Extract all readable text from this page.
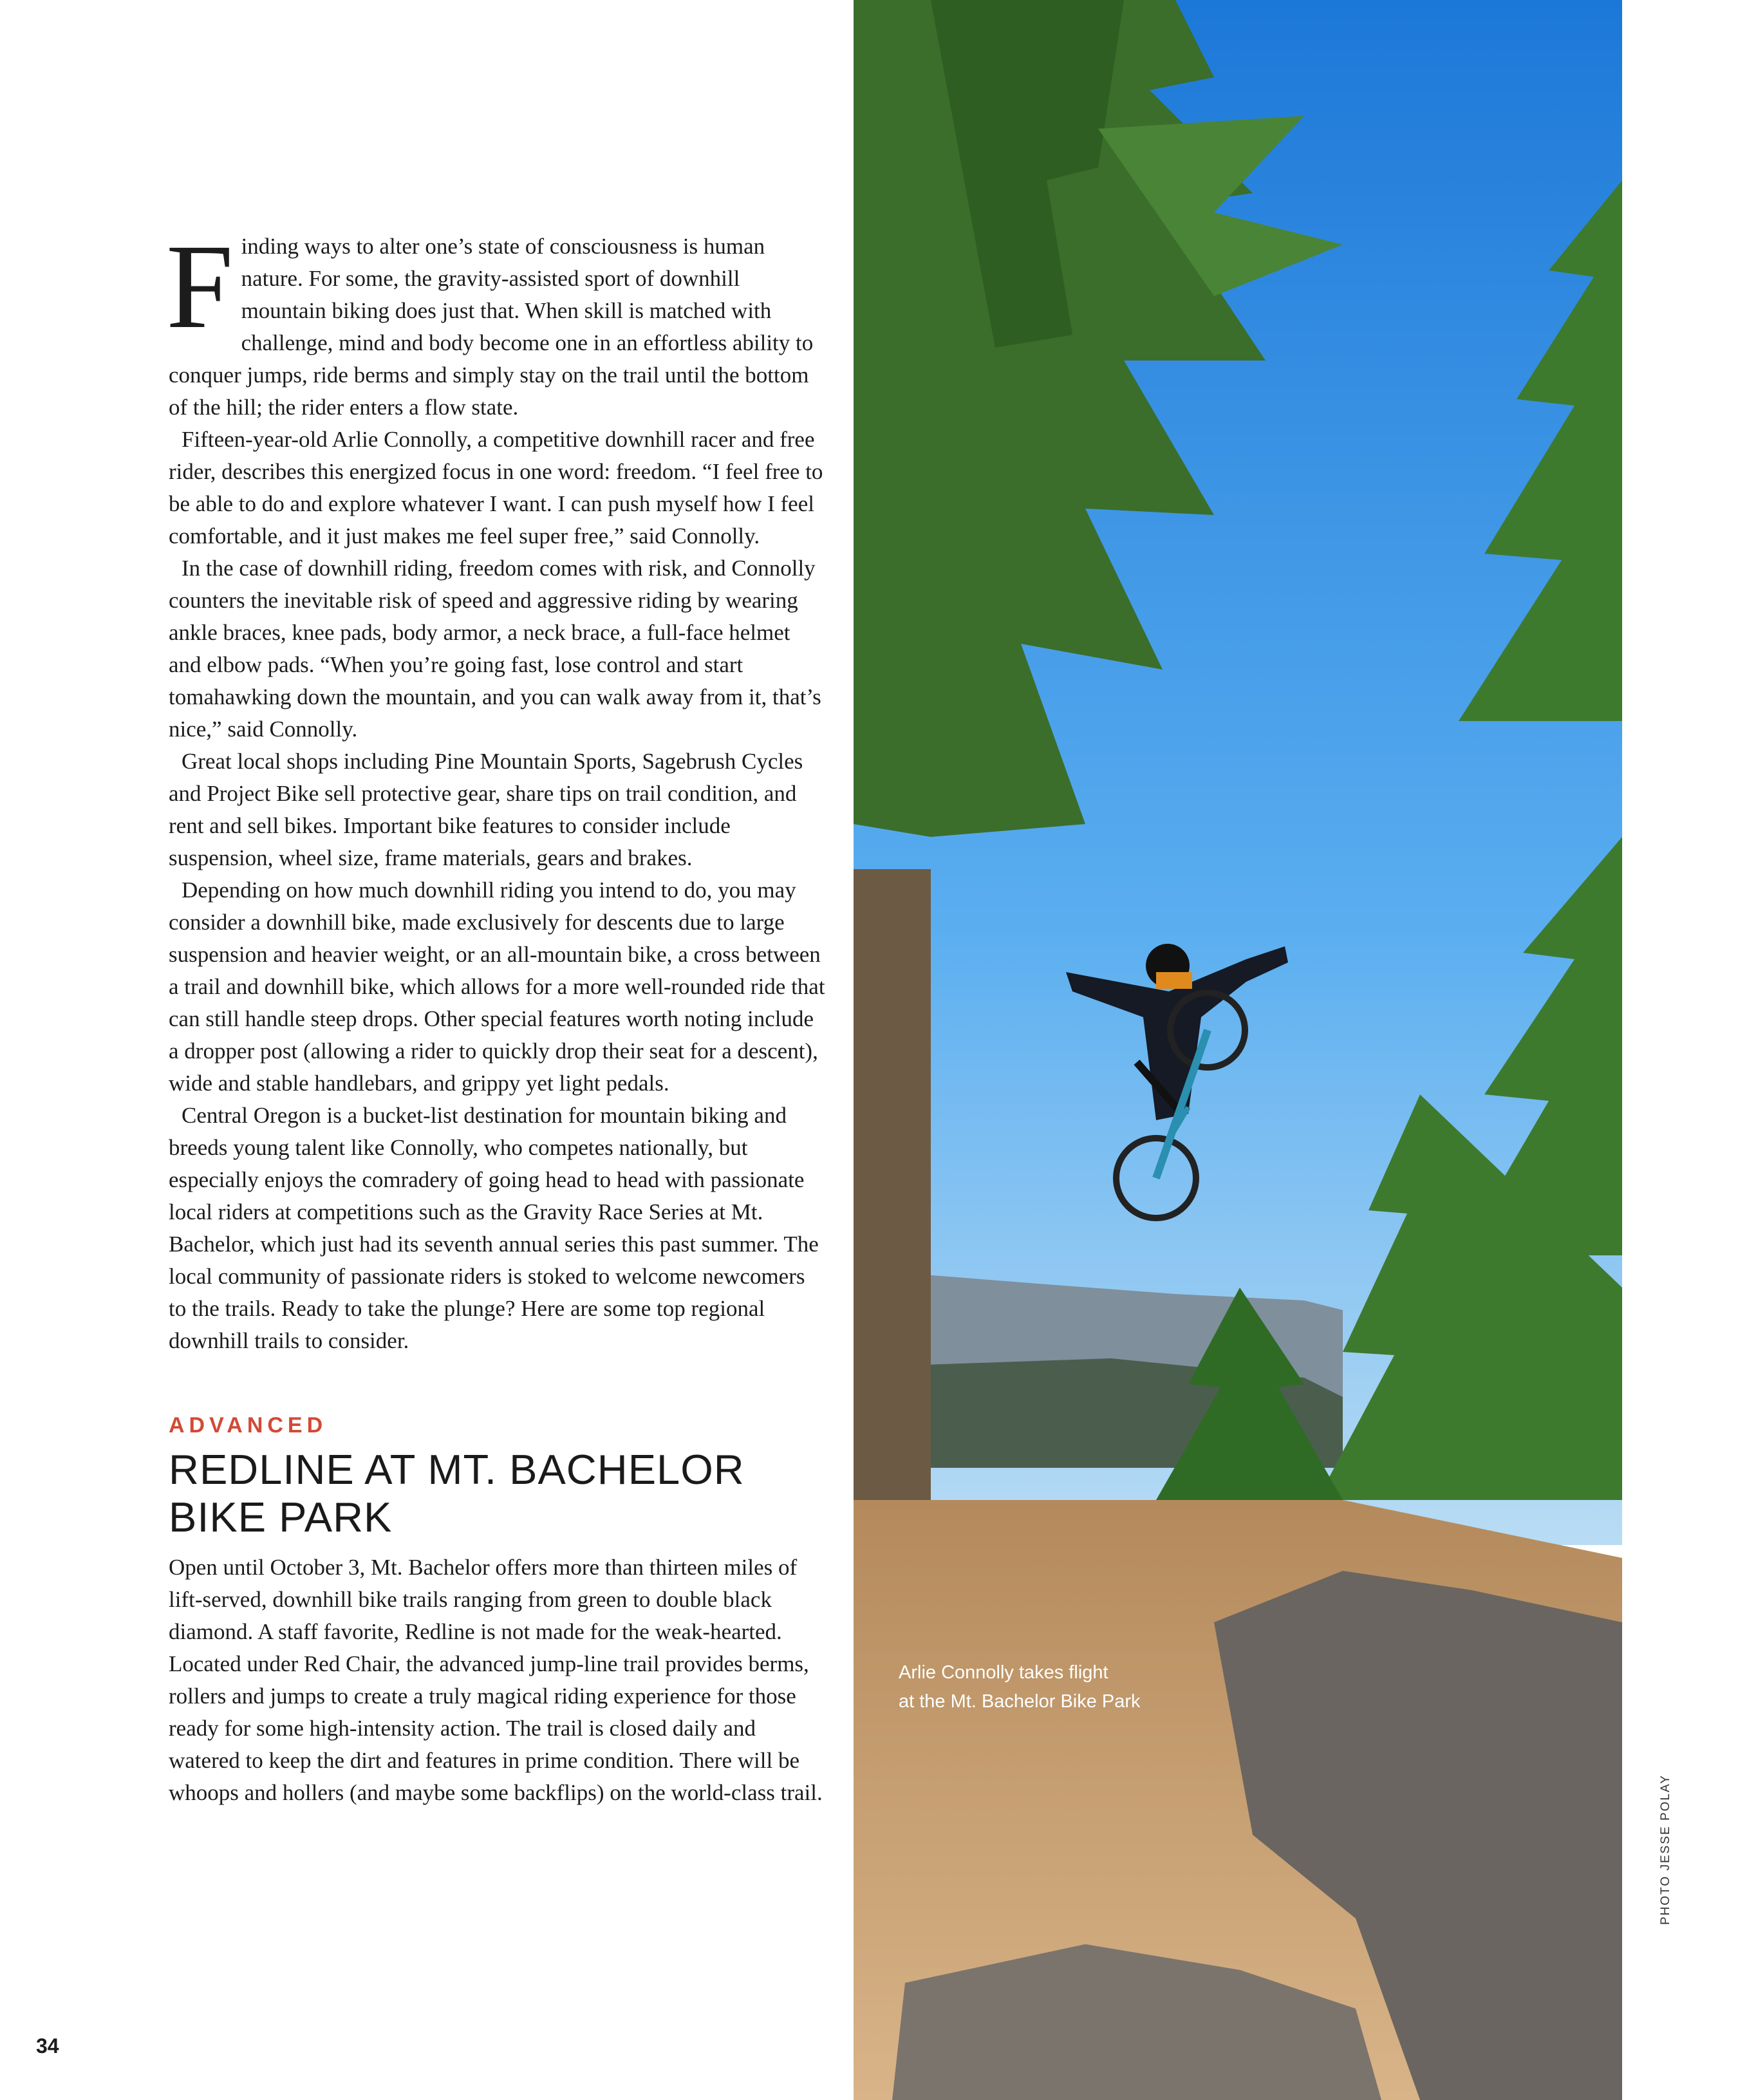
Finding ways to alter one’s state of consciousness is human nature. For some, the gravity-assisted sport of downhill mountain biking does just that. When skill is matched with challenge, mind and body become one in an effortless ability to conquer jumps, ride berms and simply stay on the trail until the bottom of the hill; the rider enters a flow state.

Fifteen-year-old Arlie Connolly, a competitive downhill racer and free rider, describes this energized focus in one word: freedom. “I feel free to be able to do and explore whatever I want. I can push myself how I feel comfortable, and it just makes me feel super free,” said Connolly.

In the case of downhill riding, freedom comes with risk, and Connolly counters the inevitable risk of speed and aggressive riding by wearing ankle braces, knee pads, body armor, a neck brace, a full-face helmet and elbow pads. “When you’re going fast, lose control and start tomahawking down the mountain, and you can walk away from it, that’s nice,” said Connolly.

Great local shops including Pine Mountain Sports, Sagebrush Cycles and Project Bike sell protective gear, share tips on trail condition, and rent and sell bikes. Important bike features to consider include suspension, wheel size, frame materials, gears and brakes.

Depending on how much downhill riding you intend to do, you may consider a downhill bike, made exclusively for descents due to large suspension and heavier weight, or an all-mountain bike, a cross between a trail and downhill bike, which allows for a more well-rounded ride that can still handle steep drops. Other special features worth noting include a dropper post (allowing a rider to quickly drop their seat for a descent), wide and stable handlebars, and grippy yet light pedals.

Central Oregon is a bucket-list destination for mountain biking and breeds young talent like Connolly, who competes nationally, but especially enjoys the comradery of going head to head with passionate local riders at competitions such as the Gravity Race Series at Mt. Bachelor, which just had its seventh annual series this past summer. The local community of passionate riders is stoked to welcome newcomers to the trails. Ready to take the plunge? Here are some top regional downhill trails to consider.

ADVANCED
REDLINE AT MT. BACHELOR BIKE PARK

Open until October 3, Mt. Bachelor offers more than thirteen miles of lift-served, downhill bike trails ranging from green to double black diamond. A staff favorite, Redline is not made for the weak-hearted. Located under Red Chair, the advanced jump-line trail provides berms, rollers and jumps to create a truly magical riding experience for those ready for some high-intensity action. The trail is closed daily and watered to keep the dirt and features in prime condition. There will be whoops and hollers (and maybe some backflips) on the world-class trail.

Arlie Connolly takes flight
at the Mt. Bachelor Bike Park
PHOTO JESSE POLAY
34
